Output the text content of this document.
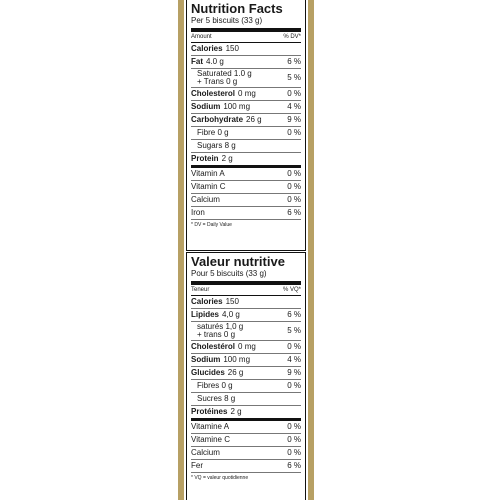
Nutrition Facts
Per 5 biscuits (33 g)
Amount	% DV*
Calories 150
Fat 4.0 g	6 %
Saturated 1.0 g
+ Trans 0 g	5 %
Cholesterol 0 mg	0 %
Sodium 100 mg	4 %
Carbohydrate 26 g	9 %
Fibre 0 g	0 %
Sugars 8 g
Protein 2 g
Vitamin A	0 %
Vitamin C	0 %
Calcium	0 %
Iron	6 %
* DV = Daily Value
Valeur nutritive
Pour 5 biscuits (33 g)
Teneur	% VQ*
Calories 150
Lipides 4,0 g	6 %
saturés 1,0 g
+ trans 0 g	5 %
Cholestérol 0 mg	0 %
Sodium 100 mg	4 %
Glucides 26 g	9 %
Fibres 0 g	0 %
Sucres 8 g
Protéines 2 g
Vitamine A	0 %
Vitamine C	0 %
Calcium	0 %
Fer	6 %
* VQ = valeur quotidienne
